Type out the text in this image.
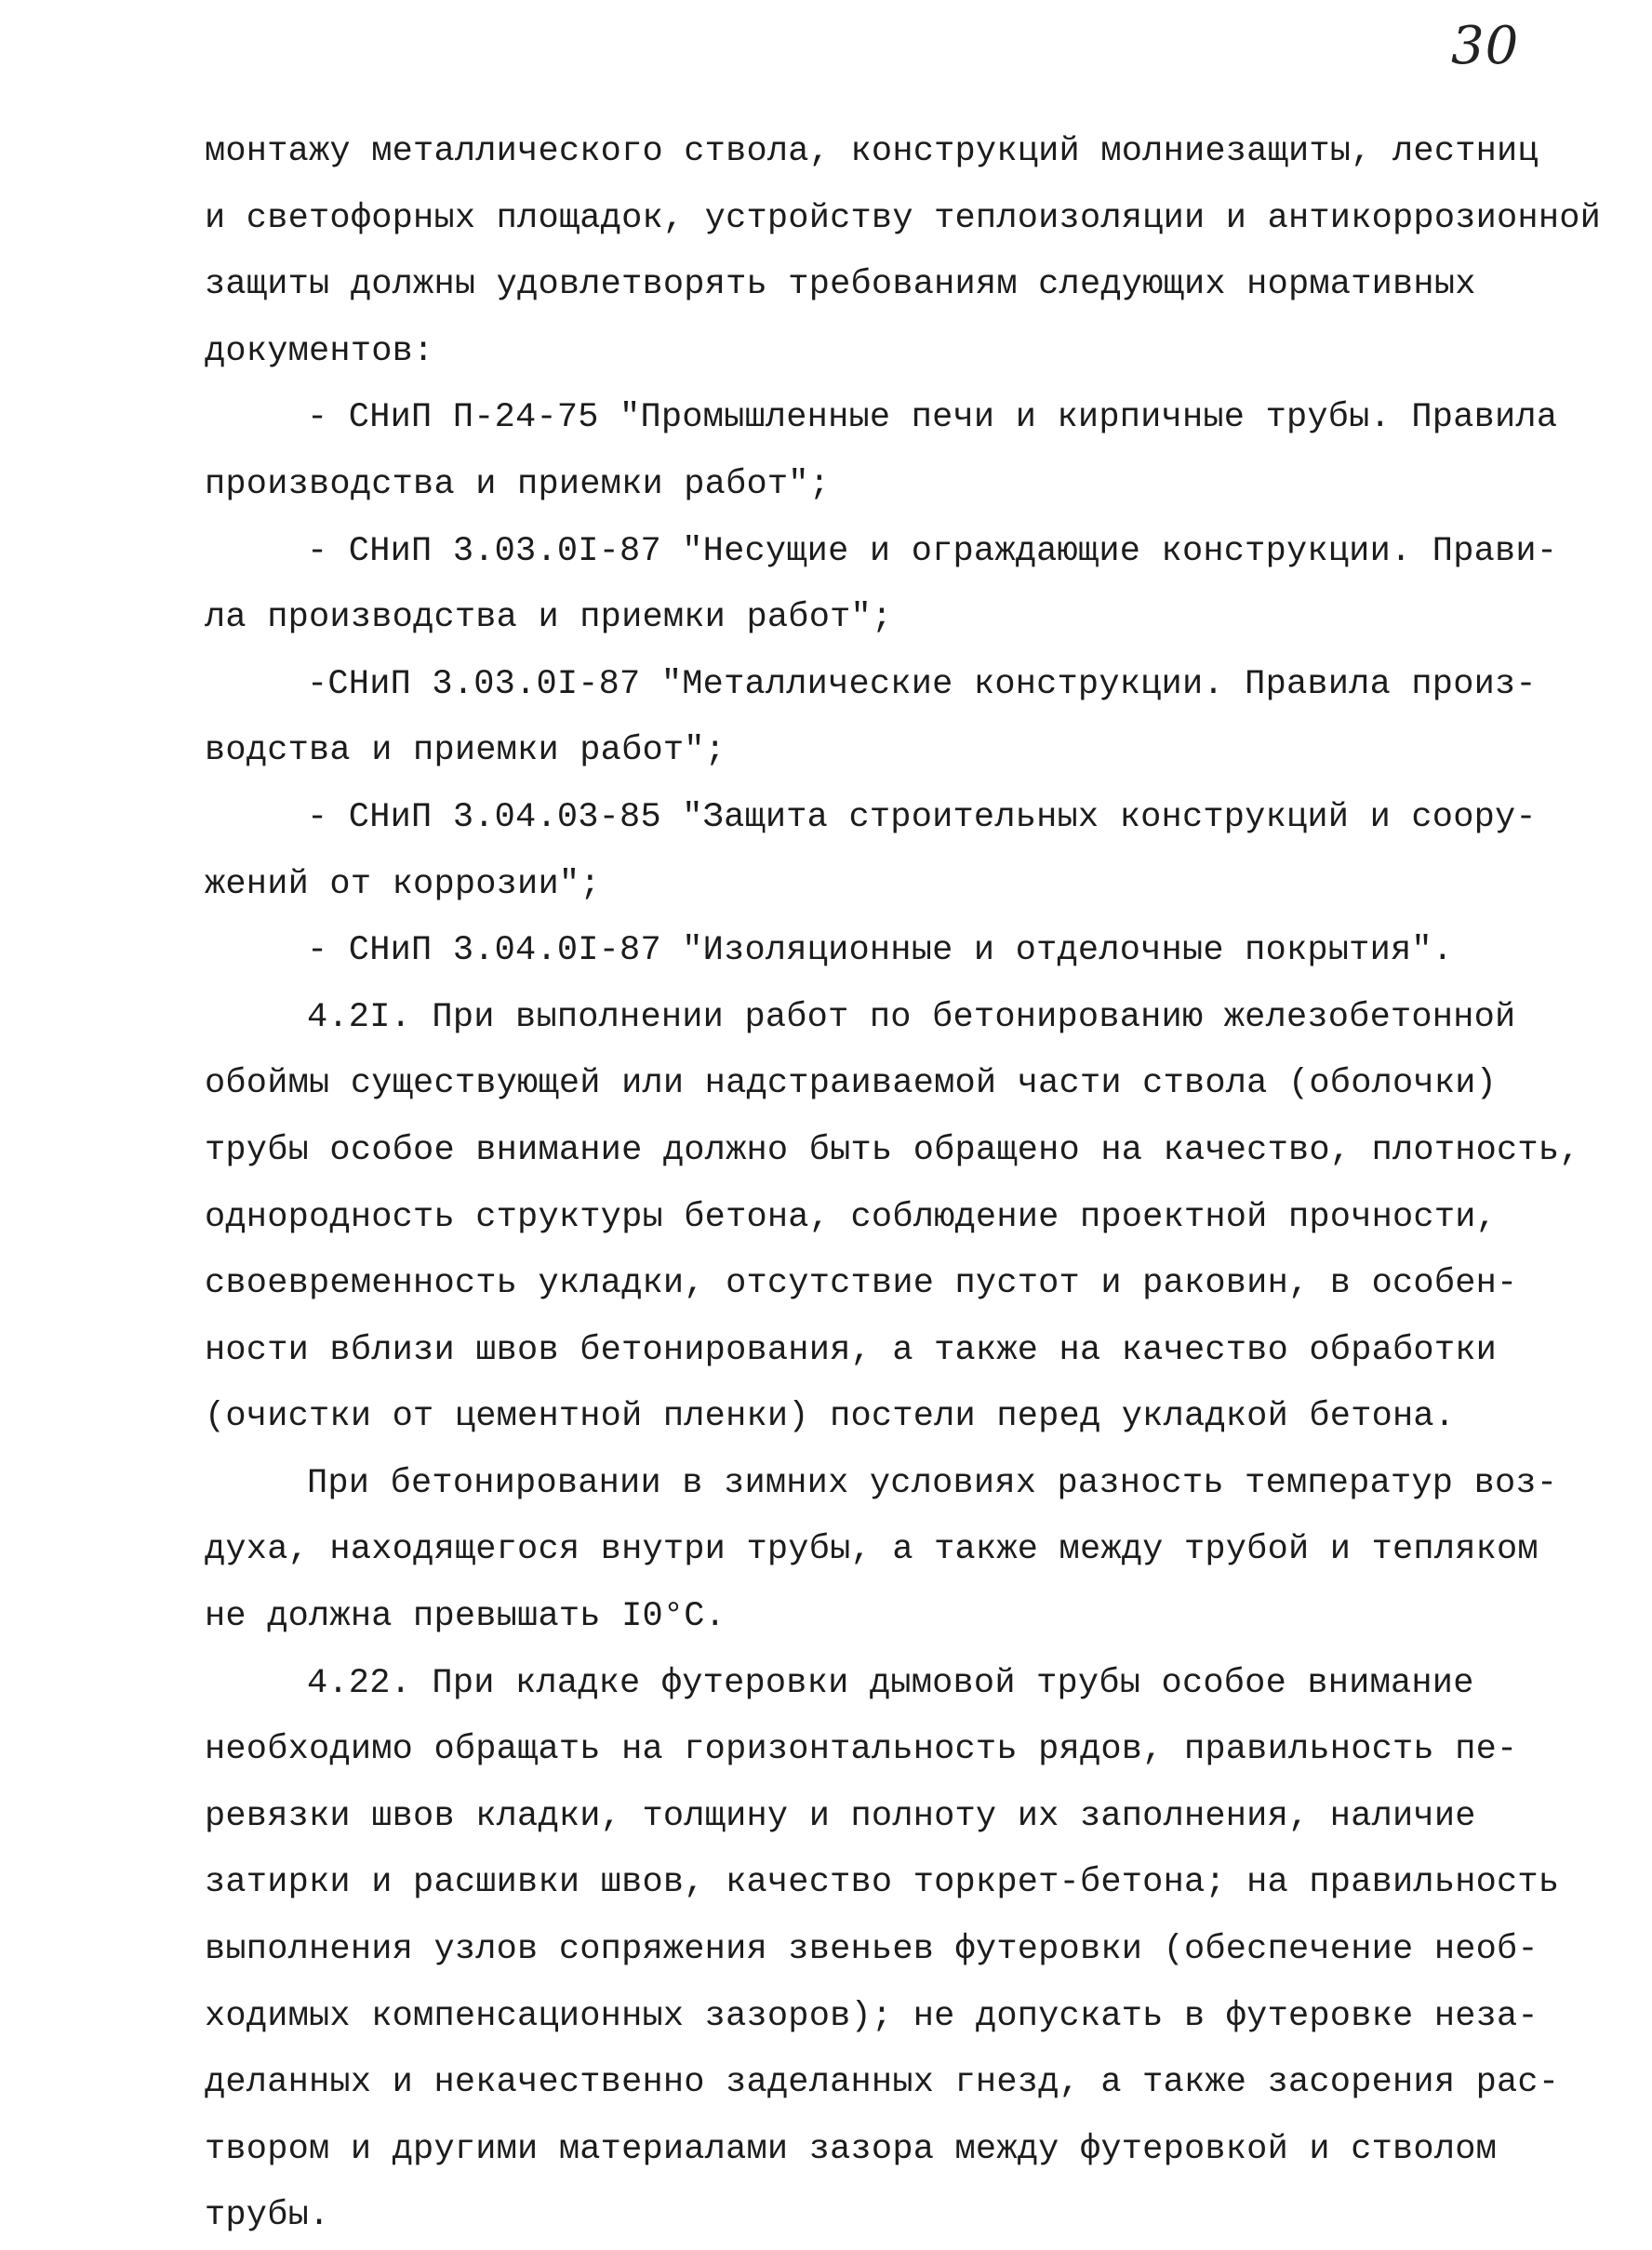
30
монтажу металлического ствола, конструкций молниезащиты, лестниц
и светофорных площадок, устройству теплоизоляции и антикоррозионной
защиты должны удовлетворять требованиям следующих нормативных
документов:
- СНиП П-24-75 "Промышленные печи и кирпичные трубы. Правила
производства и приемки работ";
- СНиП 3.03.0I-87 "Несущие и ограждающие конструкции. Прави-
ла производства и приемки работ";
-СНиП 3.03.0I-87 "Металлические конструкции. Правила произ-
водства и приемки работ";
- СНиП 3.04.03-85 "Защита строительных конструкций и соору-
жений от коррозии";
- СНиП 3.04.0I-87 "Изоляционные и отделочные покрытия".
4.2I. При выполнении работ по бетонированию железобетонной
обоймы существующей или надстраиваемой части ствола (оболочки)
трубы особое внимание должно быть обращено на качество, плотность,
однородность структуры бетона, соблюдение проектной прочности,
своевременность укладки, отсутствие пустот и раковин, в особен-
ности вблизи швов бетонирования, а также на качество обработки
(очистки от цементной пленки) постели перед укладкой бетона.
При бетонировании в зимних условиях разность температур воз-
духа, находящегося внутри трубы, а также между трубой и тепляком
не должна превышать I0°С.
4.22. При кладке футеровки дымовой трубы особое внимание
необходимо обращать на горизонтальность рядов, правильность пе-
ревязки швов кладки, толщину и полноту их заполнения, наличие
затирки и расшивки швов, качество торкрет-бетона; на правильность
выполнения узлов сопряжения звеньев футеровки (обеспечение необ-
ходимых компенсационных зазоров); не допускать в футеровке неза-
деланных и некачественно заделанных гнезд, а также засорения рас-
твором и другими материалами зазора между футеровкой и стволом
трубы.
